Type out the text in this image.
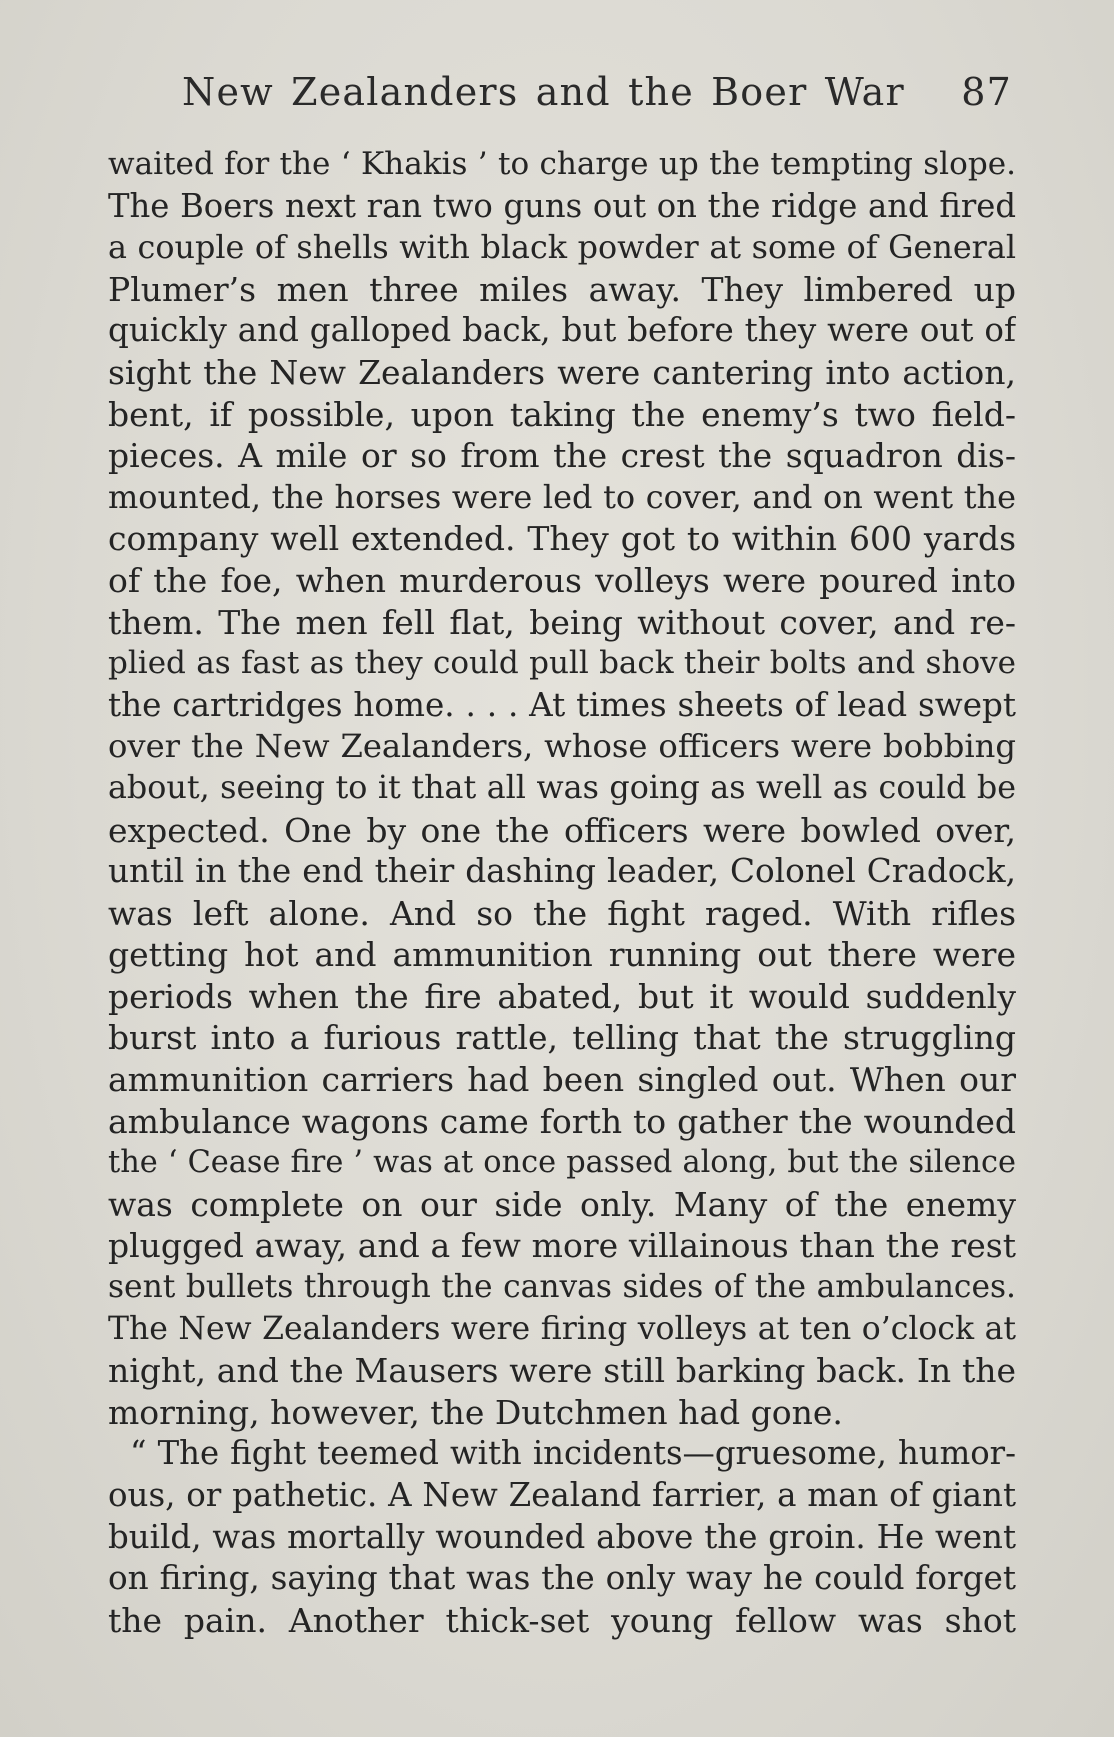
New Zealanders and the Boer War 87
waited for the ‘ Khakis ’ to charge up the tempting slope.
The Boers next ran two guns out on the ridge and fired
a couple of shells with black powder at some of General
Plumer’s men three miles away. They limbered up
quickly and galloped back, but before they were out of
sight the New Zealanders were cantering into action,
bent, if possible, upon taking the enemy’s two field-
pieces. A mile or so from the crest the squadron dis-
mounted, the horses were led to cover, and on went the
company well extended. They got to within 600 yards
of the foe, when murderous volleys were poured into
them. The men fell flat, being without cover, and re-
plied as fast as they could pull back their bolts and shove
the cartridges home. . . . At times sheets of lead swept
over the New Zealanders, whose officers were bobbing
about, seeing to it that all was going as well as could be
expected. One by one the officers were bowled over,
until in the end their dashing leader, Colonel Cradock,
was left alone. And so the fight raged. With rifles
getting hot and ammunition running out there were
periods when the fire abated, but it would suddenly
burst into a furious rattle, telling that the struggling
ammunition carriers had been singled out. When our
ambulance wagons came forth to gather the wounded
the ‘ Cease fire ’ was at once passed along, but the silence
was complete on our side only. Many of the enemy
plugged away, and a few more villainous than the rest
sent bullets through the canvas sides of the ambulances.
The New Zealanders were firing volleys at ten o’clock at
night, and the Mausers were still barking back. In the
morning, however, the Dutchmen had gone.
“ The fight teemed with incidents—gruesome, humor-
ous, or pathetic. A New Zealand farrier, a man of giant
build, was mortally wounded above the groin. He went
on firing, saying that was the only way he could forget
the pain. Another thick-set young fellow was shot
